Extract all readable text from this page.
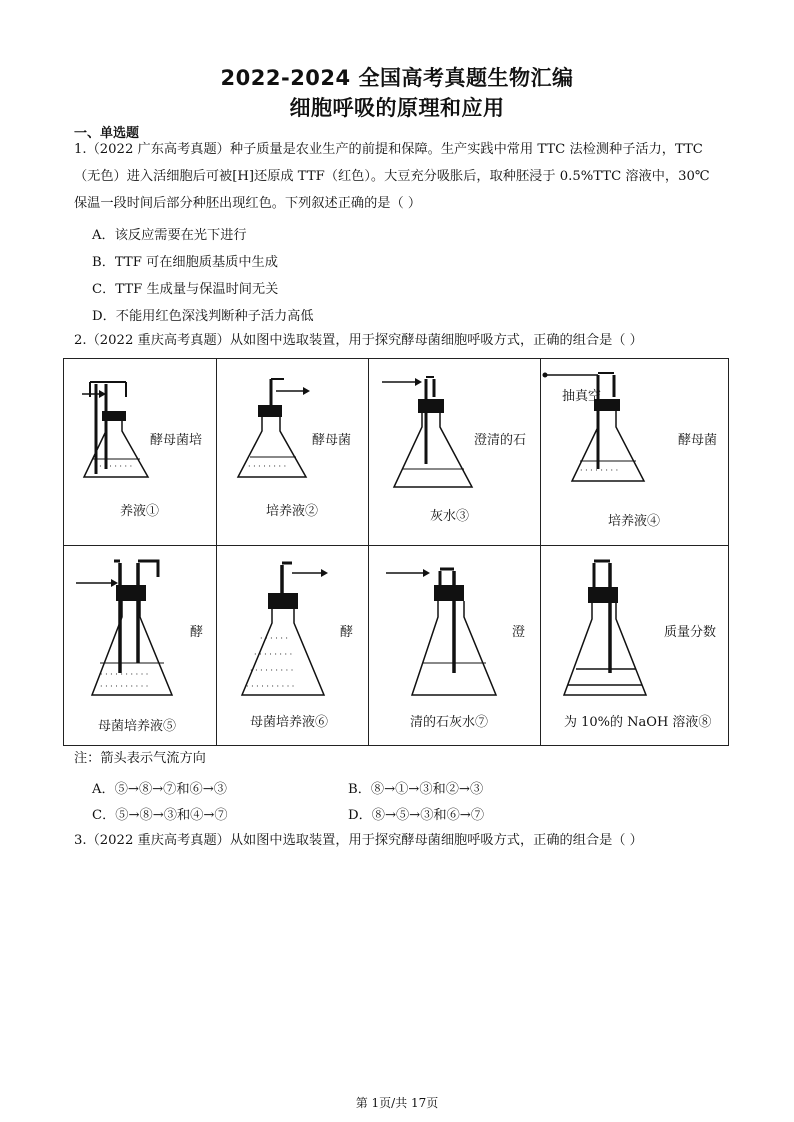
2022-2024 全国高考真题生物汇编
细胞呼吸的原理和应用
一、单选题
1.（2022 广东高考真题）种子质量是农业生产的前提和保障。生产实践中常用 TTC 法检测种子活力，TTC
（无色）进入活细胞后可被[H]还原成 TTF（红色）。大豆充分吸胀后，取种胚浸于 0.5%TTC 溶液中，30℃
保温一段时间后部分种胚出现红色。下列叙述正确的是（ ）
A．该反应需要在光下进行
B．TTF 可在细胞质基质中生成
C．TTF 生成量与保温时间无关
D．不能用红色深浅判断种子活力高低
2.（2022 重庆高考真题）从如图中选取装置，用于探究酵母菌细胞呼吸方式，正确的组合是（ ）
· · · · · · · ·
酵母菌培
养液①
· · · · · · · ·
酵母菌
培养液②
澄清的石
灰水③
· · · · · · · ·
抽真空
酵母菌
培养液④
· · · · · · · · · ·
· · · · · · · · · ·
酵
母菌培养液⑤
· · · · · ·
· · · · · · · ·
· · · · · · · · ·
· · · · · · · · · ·
酵
母菌培养液⑥
澄
清的石灰水⑦
质量分数
为 10%的 NaOH 溶液⑧
注：箭头表示气流方向
A．⑤→⑧→⑦和⑥→③	B．⑧→①→③和②→③
C．⑤→⑧→③和④→⑦	D．⑧→⑤→③和⑥→⑦
3.（2022 重庆高考真题）从如图中选取装置，用于探究酵母菌细胞呼吸方式，正确的组合是（ ）
第 1页/共 17页
